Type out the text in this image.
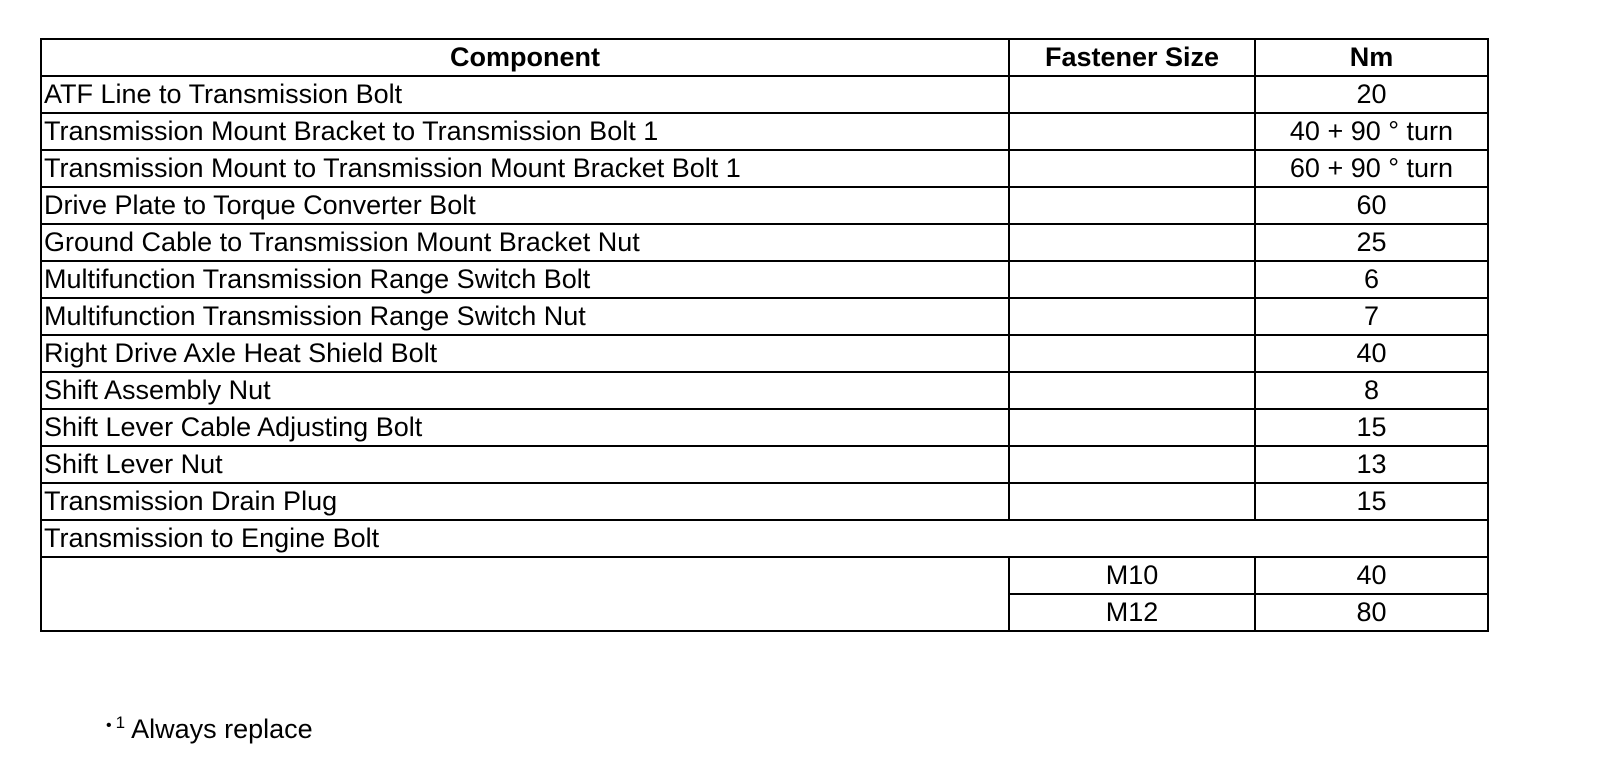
Component	Fastener Size	Nm
ATF Line to Transmission Bolt		20
Transmission Mount Bracket to Transmission Bolt 1		40 + 90 ° turn
Transmission Mount to Transmission Mount Bracket Bolt 1		60 + 90 ° turn
Drive Plate to Torque Converter Bolt		60
Ground Cable to Transmission Mount Bracket Nut		25
Multifunction Transmission Range Switch Bolt		6
Multifunction Transmission Range Switch Nut		7
Right Drive Axle Heat Shield Bolt		40
Shift Assembly Nut		8
Shift Lever Cable Adjusting Bolt		15
Shift Lever Nut		13
Transmission Drain Plug		15
Transmission to Engine Bolt		
	M10	40
	M12	80
• $^1$ Always replace
